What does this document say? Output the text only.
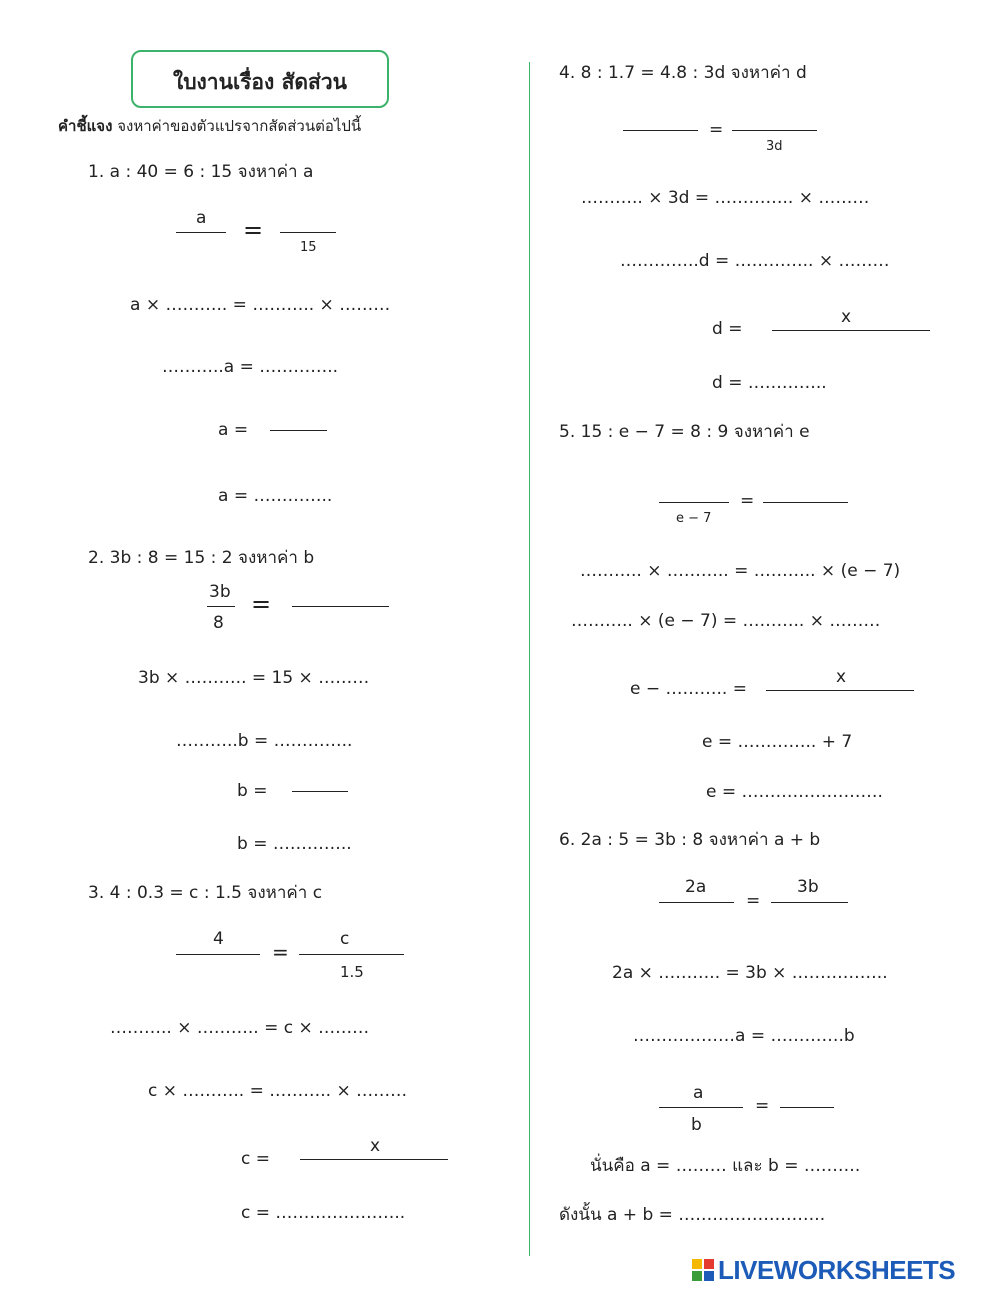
ใบงานเรื่อง สัดส่วน
คำชี้แจง จงหาค่าของตัวแปรจากสัดส่วนต่อไปนี้
1. a : 40 = 6 : 15 จงหาค่า a
a =
15
a × ……….. = ……….. × ………
………..a = …………..
a =
a = …………..
2. 3b : 8 = 15 : 2 จงหาค่า b
3b
8
=
3b × ……….. = 15 × ………
………..b = …………..
b =
b = …………..
3. 4 : 0.3 = c : 1.5 จงหาค่า c
4
=
c
1.5
……….. × ……….. = c × ………
c × ……….. = ……….. × ………
c =
x
c = …………………..
4. 8 : 1.7 = 4.8 : 3d จงหาค่า d
=
3d
……….. × 3d = ………….. × ………
…………..d = ………….. × ………
d =
x
d = …………..
5. 15 : e − 7 = 8 : 9 จงหาค่า e
e − 7
=
……….. × ……….. = ……….. × (e − 7)
……….. × (e − 7) = ……….. × ………
e − ……….. =
x
e = ………….. + 7
e = …………………….
6. 2a : 5 = 3b : 8 จงหาค่า a + b
2a
=
3b
2a × ……….. = 3b × ……………..
………………a = ………….b
a
b
=
นั่นคือ a = ……… และ b = ……….
ดังนั้น a + b = ……………………..
LIVEWORKSHEETS
